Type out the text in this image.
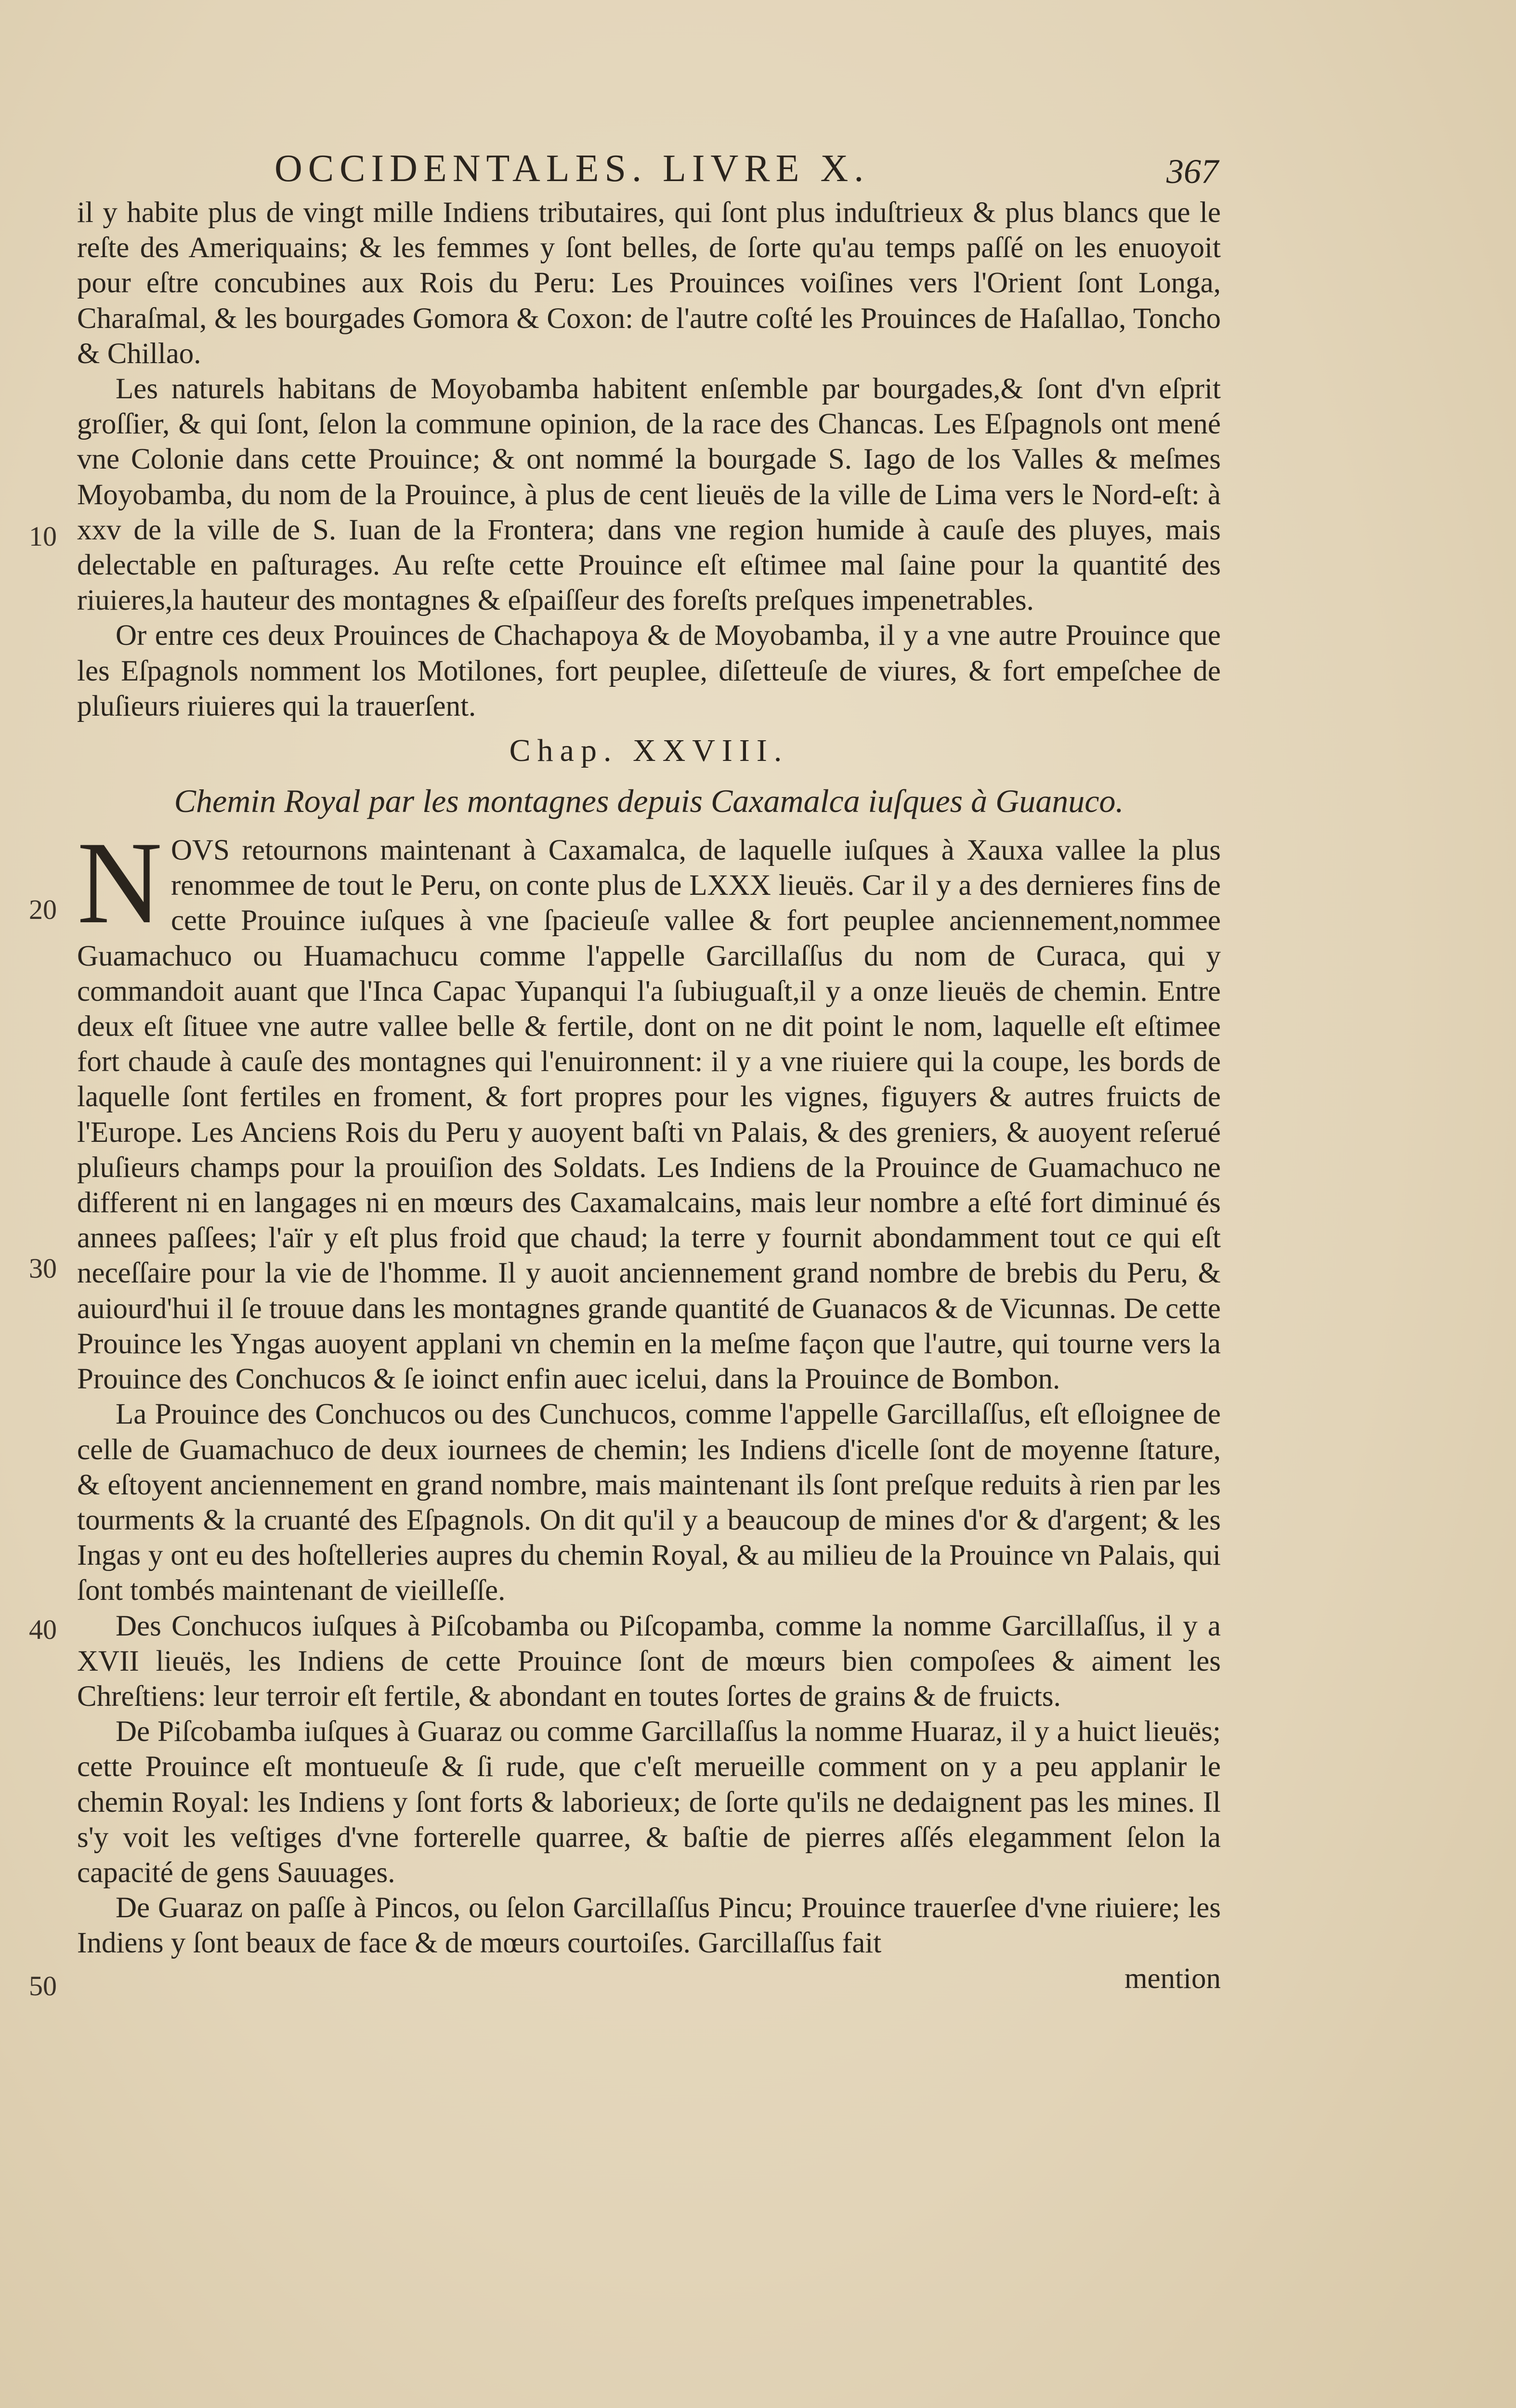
OCCIDENTALES. LIVRE X.	367
10
20
30
40
50

il y habite plus de vingt mille Indiens tributaires, qui ſont plus induſtrieux & plus blancs que le reſte des Ameriquains; & les femmes y ſont belles, de ſorte qu'au temps paſſé on les enuoyoit pour eſtre concubines aux Rois du Peru: Les Prouinces voiſines vers l'Orient ſont Longa, Charaſmal, & les bourgades Gomora & Coxon: de l'autre coſté les Prouinces de Haſallao, Toncho & Chillao.

Les naturels habitans de Moyobamba habitent enſemble par bourgades,& ſont d'vn eſprit groſſier, & qui ſont, ſelon la commune opinion, de la race des Chancas. Les Eſpagnols ont mené vne Colonie dans cette Prouince; & ont nommé la bourgade S. Iago de los Valles & meſmes Moyobamba, du nom de la Prouince, à plus de cent lieuës de la ville de Lima vers le Nord-eſt: à xxv de la ville de S. Iuan de la Frontera; dans vne region humide à cauſe des pluyes, mais delectable en paſturages. Au reſte cette Prouince eſt eſtimee mal ſaine pour la quantité des riuieres,la hauteur des montagnes & eſpaiſſeur des foreſts preſques impenetrables.

Or entre ces deux Prouinces de Chachapoya & de Moyobamba, il y a vne autre Prouince que les Eſpagnols nomment los Motilones, fort peuplee, diſetteuſe de viures, & fort empeſchee de pluſieurs riuieres qui la trauerſent.

Chap. XXVIII.
Chemin Royal par les montagnes depuis Caxamalca iuſques à Guanuco.

NOVS retournons maintenant à Caxamalca, de laquelle iuſques à Xauxa vallee la plus renommee de tout le Peru, on conte plus de LXXX lieuës. Car il y a des dernieres fins de cette Prouince iuſques à vne ſpacieuſe vallee & fort peuplee anciennement,nommee Guamachuco ou Huamachucu comme l'appelle Garcillaſſus du nom de Curaca, qui y commandoit auant que l'Inca Capac Yupanqui l'a ſubiuguaſt,il y a onze lieuës de chemin. Entre deux eſt ſituee vne autre vallee belle & fertile, dont on ne dit point le nom, laquelle eſt eſtimee fort chaude à cauſe des montagnes qui l'enuironnent: il y a vne riuiere qui la coupe, les bords de laquelle ſont fertiles en froment, & fort propres pour les vignes, figuyers & autres fruicts de l'Europe. Les Anciens Rois du Peru y auoyent baſti vn Palais, & des greniers, & auoyent reſerué pluſieurs champs pour la prouiſion des Soldats. Les Indiens de la Prouince de Guamachuco ne different ni en langages ni en mœurs des Caxamalcains, mais leur nombre a eſté fort diminué és annees paſſees; l'aïr y eſt plus froid que chaud; la terre y fournit abondamment tout ce qui eſt neceſſaire pour la vie de l'homme. Il y auoit anciennement grand nombre de brebis du Peru, & auiourd'hui il ſe trouue dans les montagnes grande quantité de Guanacos & de Vicunnas. De cette Prouince les Yngas auoyent applani vn chemin en la meſme façon que l'autre, qui tourne vers la Prouince des Conchucos & ſe ioinct enfin auec icelui, dans la Prouince de Bombon.

La Prouince des Conchucos ou des Cunchucos, comme l'appelle Garcillaſſus, eſt eſloignee de celle de Guamachuco de deux iournees de chemin; les Indiens d'icelle ſont de moyenne ſtature, & eſtoyent anciennement en grand nombre, mais maintenant ils ſont preſque reduits à rien par les tourments & la cruanté des Eſpagnols. On dit qu'il y a beaucoup de mines d'or & d'argent; & les Ingas y ont eu des hoſtelleries aupres du chemin Royal, & au milieu de la Prouince vn Palais, qui ſont tombés maintenant de vieilleſſe.

Des Conchucos iuſques à Piſcobamba ou Piſcopamba, comme la nomme Garcillaſſus, il y a XVII lieuës, les Indiens de cette Prouince ſont de mœurs bien compoſees & aiment les Chreſtiens: leur terroir eſt fertile, & abondant en toutes ſortes de grains & de fruicts.

De Piſcobamba iuſques à Guaraz ou comme Garcillaſſus la nomme Huaraz, il y a huict lieuës; cette Prouince eſt montueuſe & ſi rude, que c'eſt merueille comment on y a peu applanir le chemin Royal: les Indiens y ſont forts & laborieux; de ſorte qu'ils ne dedaignent pas les mines. Il s'y voit les veſtiges d'vne forterelle quarree, & baſtie de pierres aſſés elegamment ſelon la capacité de gens Sauuages.

De Guaraz on paſſe à Pincos, ou ſelon Garcillaſſus Pincu; Prouince trauerſee d'vne riuiere; les Indiens y ſont beaux de face & de mœurs courtoiſes. Garcillaſſus fait

mention
